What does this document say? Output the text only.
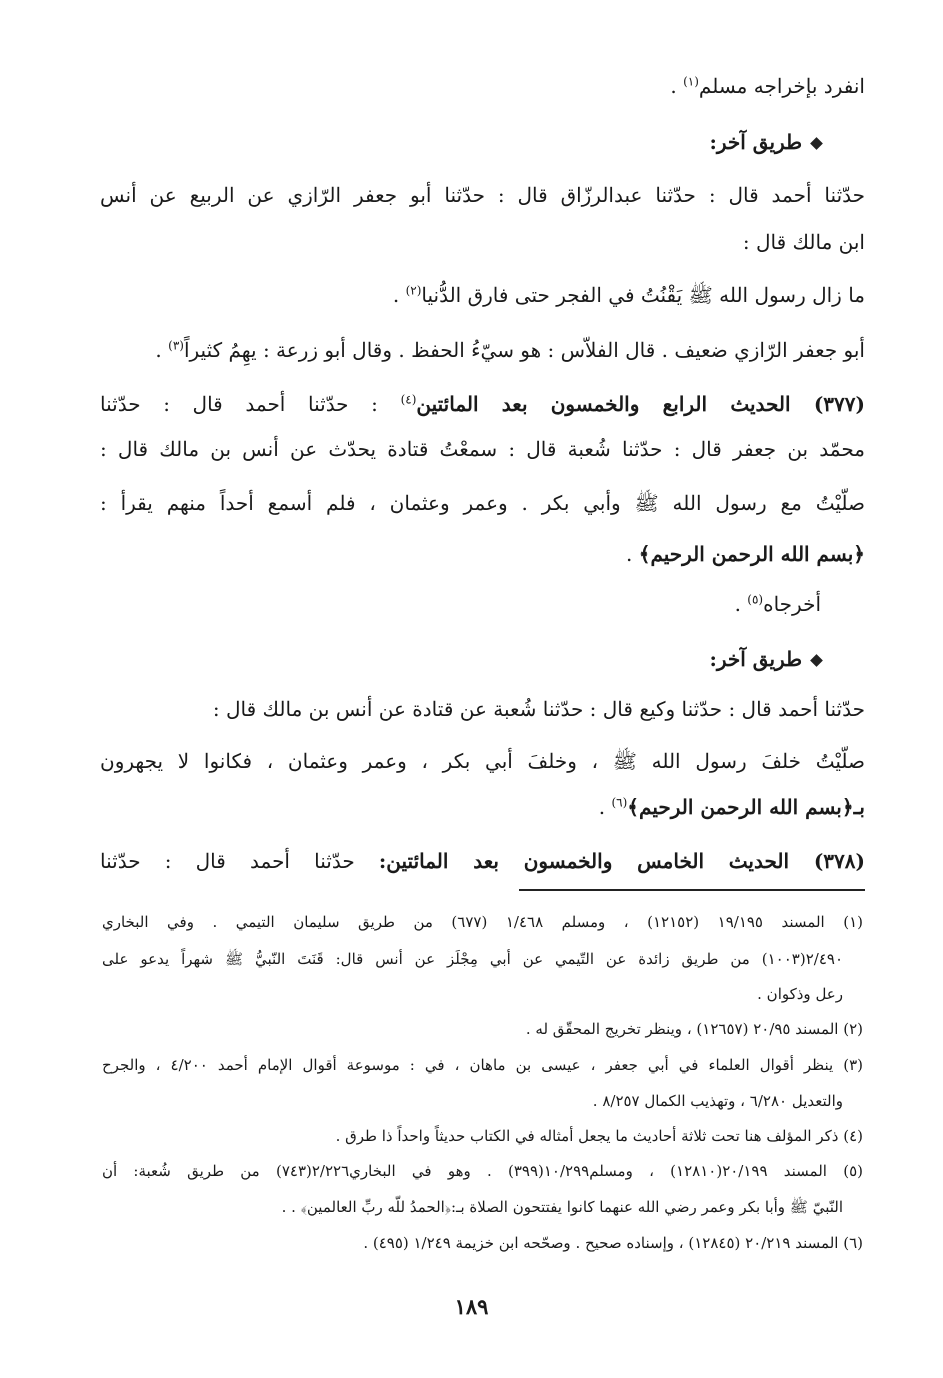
انفرد بإخراجه مسلم$^{(١)}$ .
طريق آخر:
حدّثنا أحمد قال : حدّثنا عبدالرزّاق قال : حدّثنا أبو جعفر الرّازي عن الربيع عن أنس
ابن مالك قال :
ما زال رسول الله ﷺ يَقْنُتُ في الفجر حتى فارق الدُّنيا$^{(٢)}$ .
أبو جعفر الرّازي ضعيف . قال الفلاّس : هو سيّءُ الحفظ . وقال أبو زرعة : يهِمُ كثيراً$^{(٣)}$ .
(٣٧٧) الحديث الرابع والخمسون بعد المائتين$^{(٤)}$ : حدّثنا أحمد قال : حدّثنا
محمّد بن جعفر قال : حدّثنا شُعبة قال : سمعْتُ قتادة يحدّث عن أنس بن مالك قال :
صلّيْتُ مع رسول الله ﷺ وأبي بكر . وعمر وعثمان ، فلم أسمع أحداً منهم يقرأ :
﴿بسم الله الرحمن الرحيم﴾ .
أخرجاه$^{(٥)}$ .
طريق آخر:
حدّثنا أحمد قال : حدّثنا وكيع قال : حدّثنا شُعبة عن قتادة عن أنس بن مالك قال :
صلّيْتُ خلفَ رسول الله ﷺ ، وخلفَ أبي بكر ، وعمر وعثمان ، فكانوا لا يجهرون
بـ﴿بسم الله الرحمن الرحيم﴾$^{(٦)}$ .
(٣٧٨) الحديث الخامس والخمسون بعد المائتين: حدّثنا أحمد قال : حدّثنا
(١) المسند ١٩/١٩٥ (١٢١٥٢) ، ومسلم ١/٤٦٨ (٦٧٧) من طريق سليمان التيمي . وفي البخاري
٢/٤٩٠(١٠٠٣) من طريق زائدة عن التّيمي عن أبي مِجْلَز عن أنس قال: قَنَتَ النّبيُّ ﷺ شهراً يدعو على
رعل وذكوان .
(٢) المسند ٢٠/٩٥ (١٢٦٥٧) ، وينظر تخريج المحقّق له .
(٣) ينظر أقوال العلماء في أبي جعفر ، عيسى بن ماهان ، في : موسوعة أقوال الإمام أحمد ٤/٢٠٠ ، والجرح
والتعديل ٦/٢٨٠ ، وتهذيب الكمال ٨/٢٥٧ .
(٤) ذكر المؤلف هنا تحت ثلاثة أحاديث ما يجعل أمثاله في الكتاب حديثاً واحداً ذا طرق .
(٥) المسند ٢٠/١٩٩(١٢٨١٠) ، ومسلم١٠/٢٩٩(٣٩٩) . وهو في البخاري٢/٢٢٦(٧٤٣) من طريق شُعبة: أن
النّبيّ ﷺ وأبا بكر وعمر رضي الله عنهما كانوا يفتتحون الصلاة بـ:﴿الحمدُ للّه ربِّ العالمين﴾ . .
(٦) المسند ٢٠/٢١٩ (١٢٨٤٥) ، وإسناده صحيح . وصحّحه ابن خزيمة ١/٢٤٩ (٤٩٥) .
١٨٩
